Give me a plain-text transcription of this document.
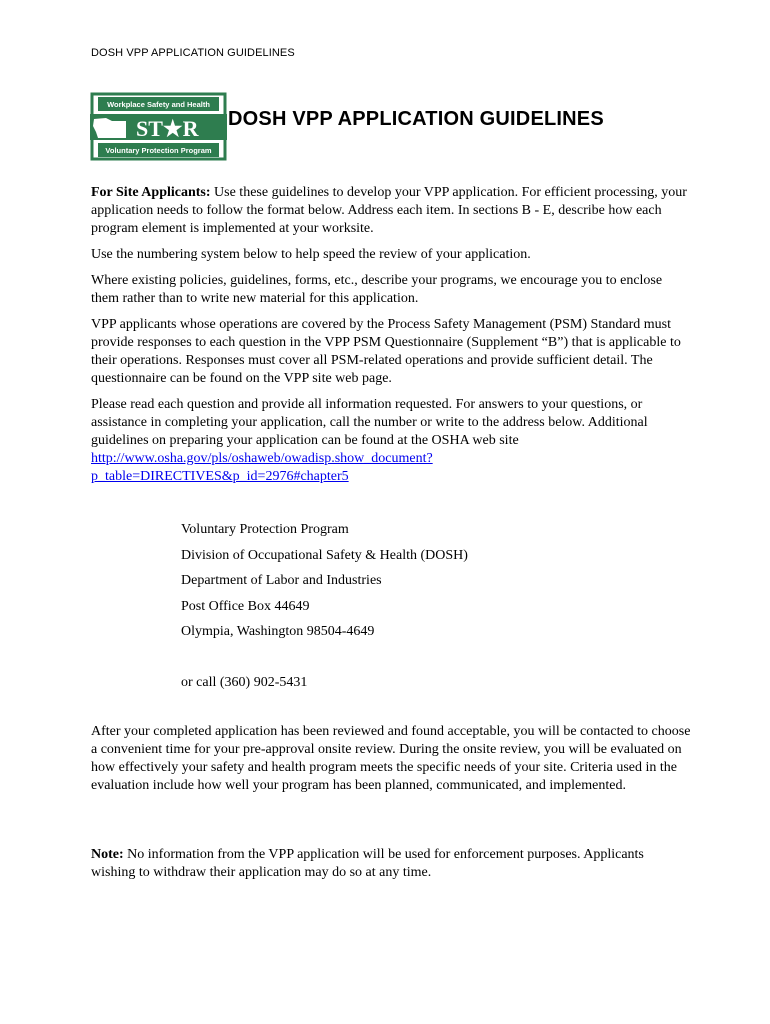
DOSH VPP APPLICATION GUIDELINES
Workplace Safety and Health
ST★R
Voluntary Protection Program
DOSH VPP APPLICATION GUIDELINES

For Site Applicants: Use these guidelines to develop your VPP application. For efficient processing, your application needs to follow the format below. Address each item. In sections B - E, describe how each program element is implemented at your worksite.

Use the numbering system below to help speed the review of your application.

Where existing policies, guidelines, forms, etc., describe your programs, we encourage you to enclose them rather than to write new material for this application.

VPP applicants whose operations are covered by the Process Safety Management (PSM) Standard must provide responses to each question in the VPP PSM Questionnaire (Supplement “B”) that is applicable to their operations. Responses must cover all PSM-related operations and provide sufficient detail. The questionnaire can be found on the VPP site web page.

Please read each question and provide all information requested. For answers to your questions, or assistance in completing your application, call the number or write to the address below. Additional guidelines on preparing your application can be found at the OSHA web site
http://www.osha.gov/pls/oshaweb/owadisp.show_document?
p_table=DIRECTIVES&p_id=2976#chapter5

Voluntary Protection Program
Division of Occupational Safety & Health (DOSH)
Department of Labor and Industries
Post Office Box 44649
Olympia, Washington 98504-4649
or call (360) 902-5431

After your completed application has been reviewed and found acceptable, you will be contacted to choose a convenient time for your pre-approval onsite review. During the onsite review, you will be evaluated on how effectively your safety and health program meets the specific needs of your site. Criteria used in the evaluation include how well your program has been planned, communicated, and implemented.

Note: No information from the VPP application will be used for enforcement purposes. Applicants wishing to withdraw their application may do so at any time.
